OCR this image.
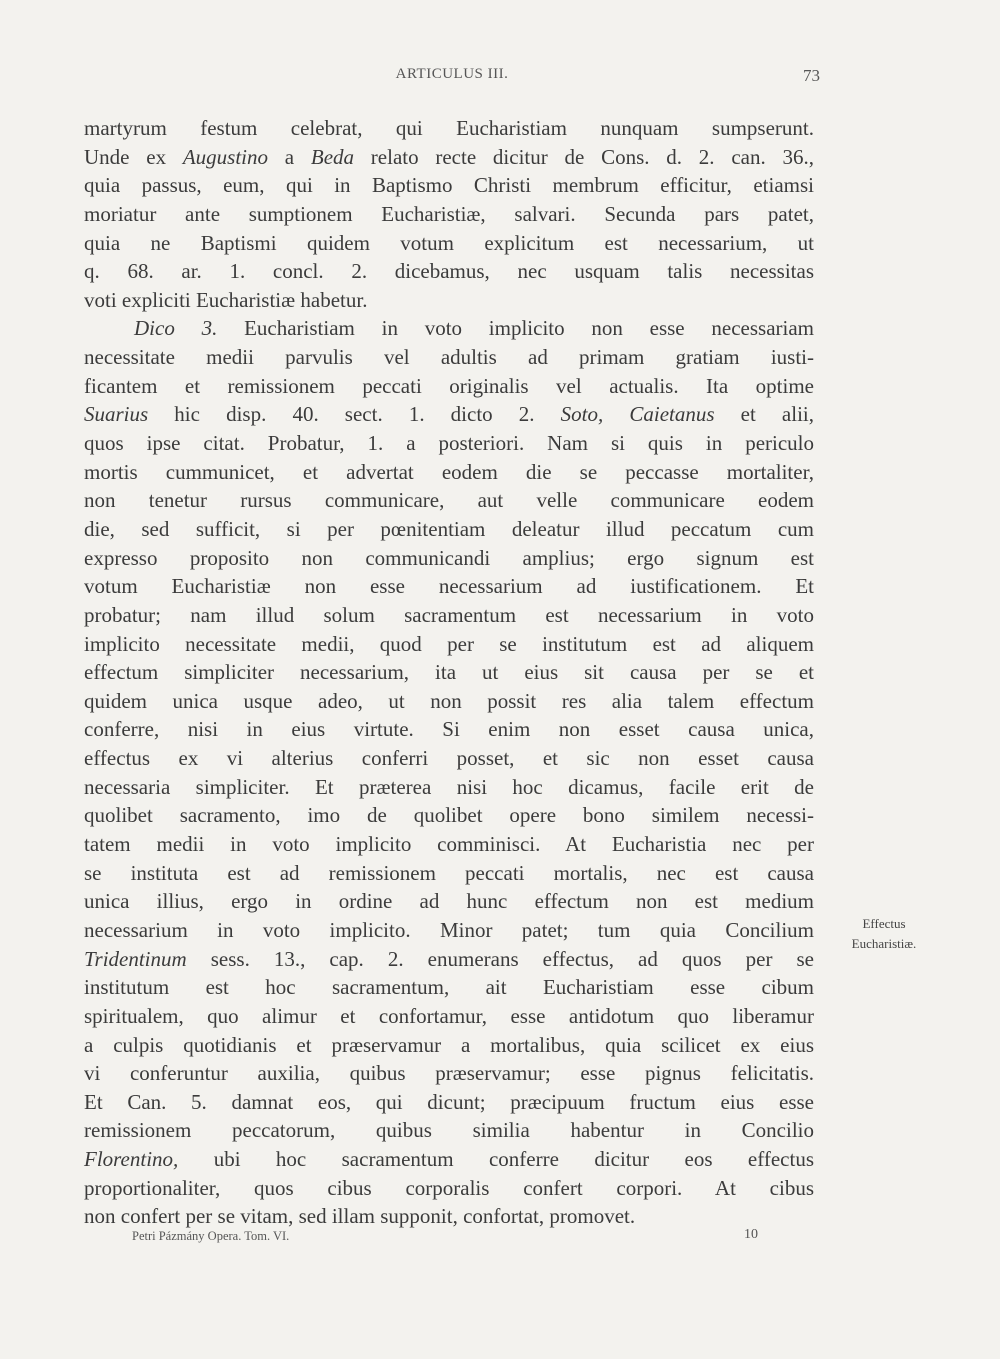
ARTICULUS III.	73
martyrum festum celebrat, qui Eucharistiam nunquam sumpserunt.
Unde ex Augustino a Beda relato recte dicitur de Cons. d. 2. can. 36.,
quia passus, eum, qui in Baptismo Christi membrum efficitur, etiamsi
moriatur ante sumptionem Eucharistiæ, salvari. Secunda pars patet,
quia ne Baptismi quidem votum explicitum est necessarium, ut
q. 68. ar. 1. concl. 2. dicebamus, nec usquam talis necessitas
voti expliciti Eucharistiæ habetur.
Dico 3. Eucharistiam in voto implicito non esse necessariam
necessitate medii parvulis vel adultis ad primam gratiam iusti-
ficantem et remissionem peccati originalis vel actualis. Ita optime
Suarius hic disp. 40. sect. 1. dicto 2. Soto, Caietanus et alii,
quos ipse citat. Probatur, 1. a posteriori. Nam si quis in periculo
mortis cummunicet, et advertat eodem die se peccasse mortaliter,
non tenetur rursus communicare, aut velle communicare eodem
die, sed sufficit, si per pœnitentiam deleatur illud peccatum cum
expresso proposito non communicandi amplius; ergo signum est
votum Eucharistiæ non esse necessarium ad iustificationem. Et
probatur; nam illud solum sacramentum est necessarium in voto
implicito necessitate medii, quod per se institutum est ad aliquem
effectum simpliciter necessarium, ita ut eius sit causa per se et
quidem unica usque adeo, ut non possit res alia talem effectum
conferre, nisi in eius virtute. Si enim non esset causa unica,
effectus ex vi alterius conferri posset, et sic non esset causa
necessaria simpliciter. Et præterea nisi hoc dicamus, facile erit de
quolibet sacramento, imo de quolibet opere bono similem necessi-
tatem medii in voto implicito comminisci. At Eucharistia nec per
se instituta est ad remissionem peccati mortalis, nec est causa
unica illius, ergo in ordine ad hunc effectum non est medium
necessarium in voto implicito. Minor patet; tum quia Concilium
Tridentinum sess. 13., cap. 2. enumerans effectus, ad quos per se
institutum est hoc sacramentum, ait Eucharistiam esse cibum
spiritualem, quo alimur et confortamur, esse antidotum quo liberamur
a culpis quotidianis et præservamur a mortalibus, quia scilicet ex eius
vi conferuntur auxilia, quibus præservamur; esse pignus felicitatis.
Et Can. 5. damnat eos, qui dicunt; præcipuum fructum eius esse
remissionem peccatorum, quibus similia habentur in Concilio
Florentino, ubi hoc sacramentum conferre dicitur eos effectus
proportionaliter, quos cibus corporalis confert corpori. At cibus
non confert per se vitam, sed illam supponit, confortat, promovet.
Effectus
Eucharistiæ.
Petri Pázmány Opera. Tom. VI.	10
